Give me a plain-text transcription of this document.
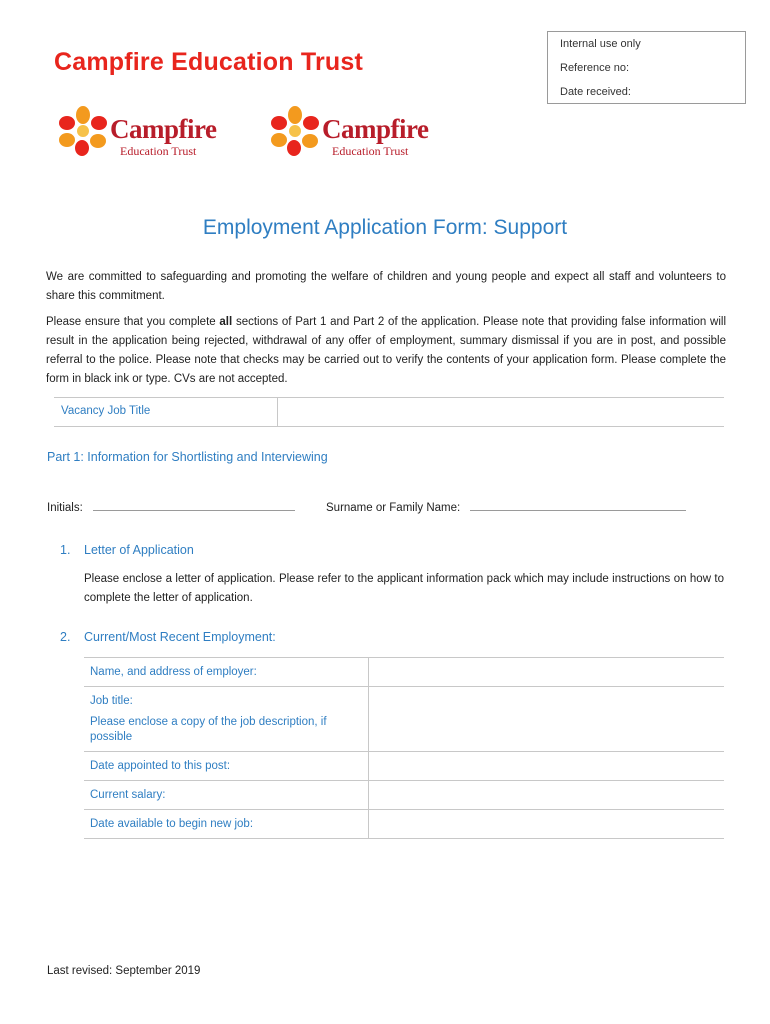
Campfire Education Trust
Internal use only
Reference no:
Date received:
Campfire
Education Trust
Campfire
Education Trust
Employment Application Form: Support

We are committed to safeguarding and promoting the welfare of children and young people and expect all staff and volunteers to share this commitment.

Please ensure that you complete all sections of Part 1 and Part 2 of the application. Please note that providing false information will result in the application being rejected, withdrawal of any offer of employment, summary dismissal if you are in post, and possible referral to the police. Please note that checks may be carried out to verify the contents of your application form. Please complete the form in black ink or type. CVs are not accepted.

Vacancy Job Title
Part 1: Information for Shortlisting and Interviewing
Initials:	Surname or Family Name:
1. Letter of Application

Please enclose a letter of application. Please refer to the applicant information pack which may include instructions on how to complete the letter of application.

2. Current/Most Recent Employment:
Name, and address of employer:	

Job title:
Please enclose a copy of the job description, if possible	

Date appointed to this post:	
Current salary:	
Date available to begin new job:	
Last revised: September 2019
